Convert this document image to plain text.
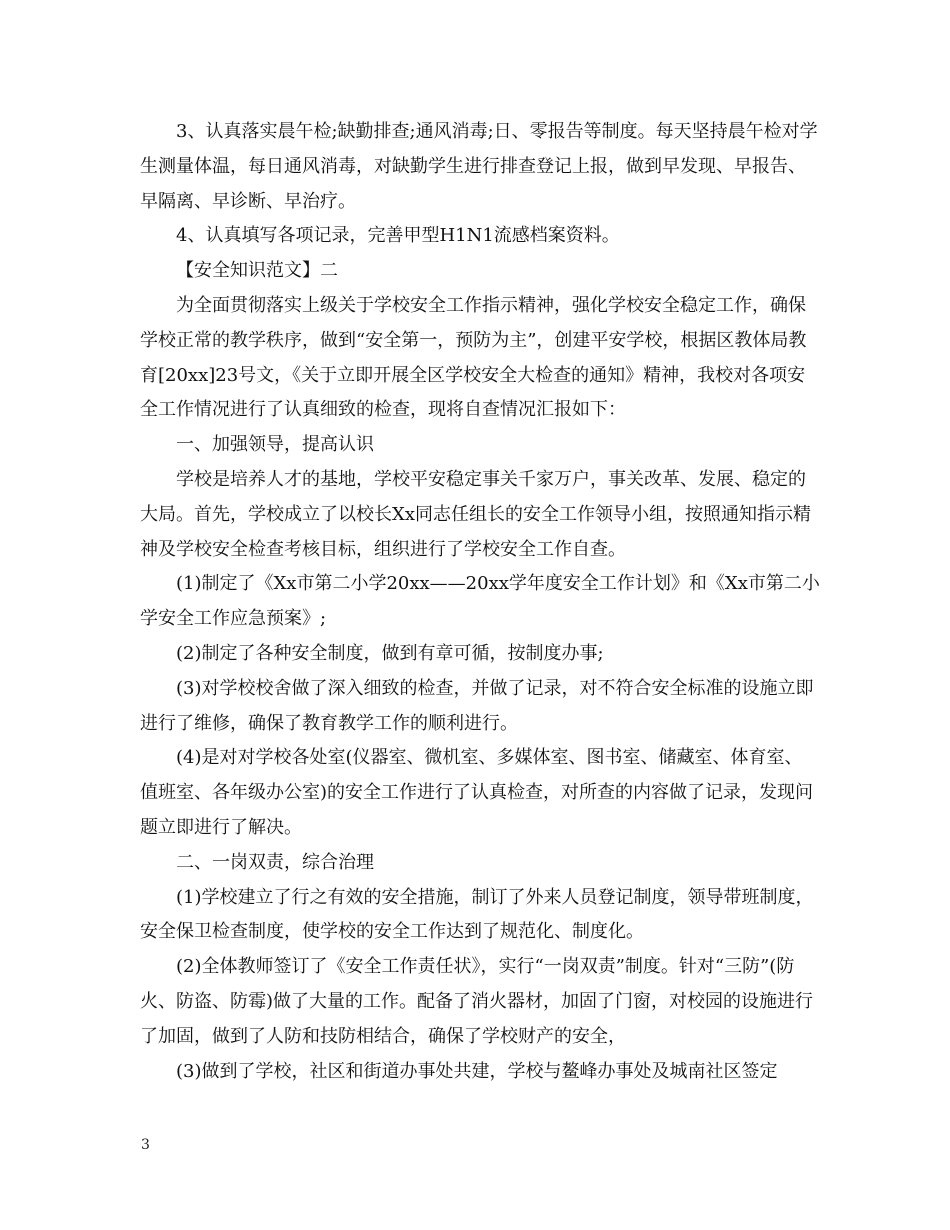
3、认真落实晨午检;缺勤排查;通风消毒;日、零报告等制度。每天坚持晨午检对学生测量体温，每日通风消毒，对缺勤学生进行排查登记上报，做到早发现、早报告、早隔离、早诊断、早治疗。

4、认真填写各项记录，完善甲型H1N1流感档案资料。

【安全知识范文】二

为全面贯彻落实上级关于学校安全工作指示精神，强化学校安全稳定工作，确保学校正常的教学秩序，做到“安全第一，预防为主”，创建平安学校，根据区教体局教育[20xx]23号文，《关于立即开展全区学校安全大检查的通知》精神，我校对各项安全工作情况进行了认真细致的检查，现将自查情况汇报如下：

一、加强领导，提高认识

学校是培养人才的基地，学校平安稳定事关千家万户，事关改革、发展、稳定的大局。首先，学校成立了以校长Xx同志任组长的安全工作领导小组，按照通知指示精神及学校安全检查考核目标，组织进行了学校安全工作自查。

(1)制定了《Xx市第二小学20xx——20xx学年度安全工作计划》和《Xx市第二小学安全工作应急预案》;

(2)制定了各种安全制度，做到有章可循，按制度办事;

(3)对学校校舍做了深入细致的检查，并做了记录，对不符合安全标准的设施立即进行了维修，确保了教育教学工作的顺利进行。

(4)是对对学校各处室(仪器室、微机室、多媒体室、图书室、储藏室、体育室、值班室、各年级办公室)的安全工作进行了认真检查，对所查的内容做了记录，发现问题立即进行了解决。

二、一岗双责，综合治理

(1)学校建立了行之有效的安全措施，制订了外来人员登记制度，领导带班制度，安全保卫检查制度，使学校的安全工作达到了规范化、制度化。

(2)全体教师签订了《安全工作责任状》，实行“一岗双责”制度。针对“三防”(防火、防盗、防霉)做了大量的工作。配备了消火器材，加固了门窗，对校园的设施进行了加固，做到了人防和技防相结合，确保了学校财产的安全，

(3)做到了学校，社区和街道办事处共建，学校与鳌峰办事处及城南社区签定

3
